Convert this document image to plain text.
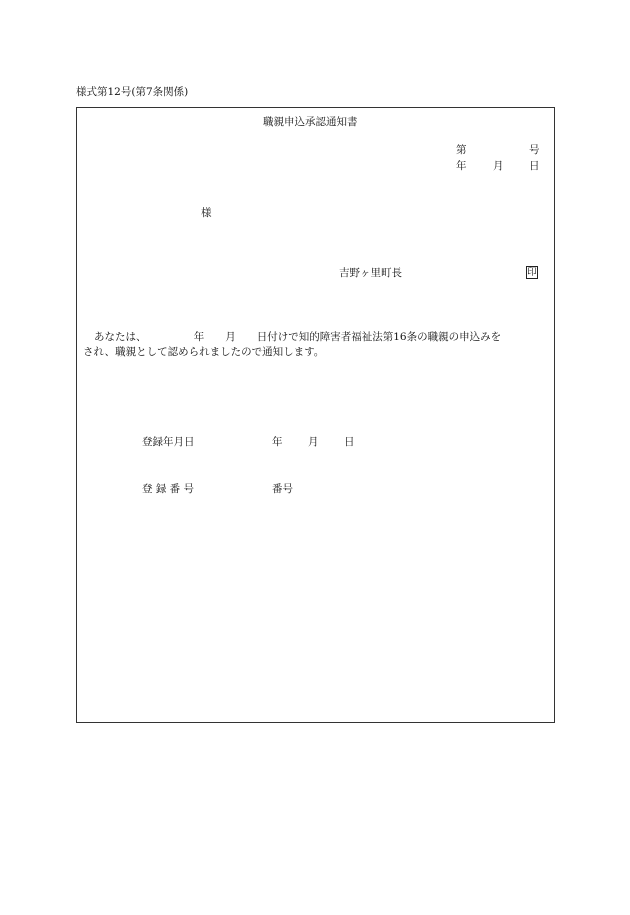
様式第12号(第7条関係)
職親申込承認通知書
第	号
年	月 日
様
吉野ヶ里町長	印
あなたは、　　　　　年　　月　　日付けで知的障害者福祉法第16条の職親の申込みを
され、職親として認められましたので通知します。
登録年月日	年 月 日
登 録 番 号	番号
